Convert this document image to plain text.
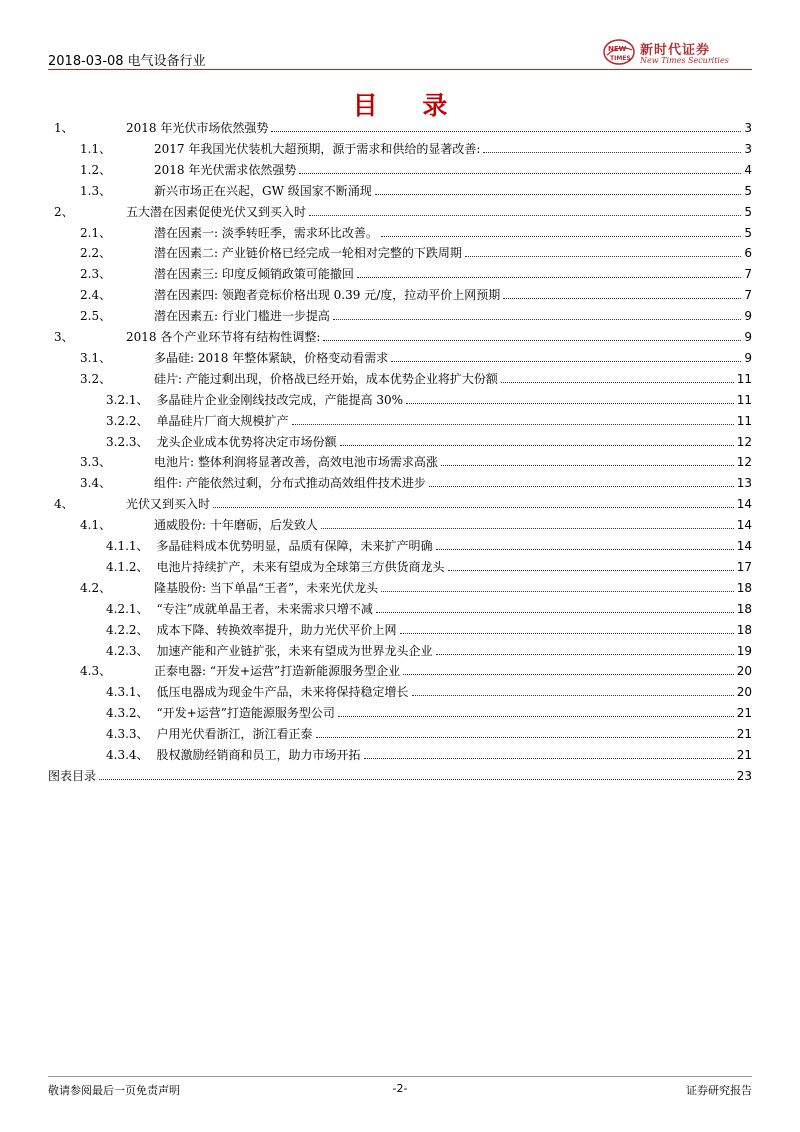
2018-03-08 电气设备行业
NEW
TIMES
新时代证券
New Times Securities
目 录
1、	2018 年光伏市场依然强势	3
1.1、	2017 年我国光伏装机大超预期，源于需求和供给的显著改善:	3
1.2、	2018 年光伏需求依然强势	4
1.3、	新兴市场正在兴起，GW 级国家不断涌现	5
2、	五大潜在因素促使光伏又到买入时	5
2.1、	潜在因素一: 淡季转旺季，需求环比改善。	5
2.2、	潜在因素二: 产业链价格已经完成一轮相对完整的下跌周期	6
2.3、	潜在因素三: 印度反倾销政策可能撤回	7
2.4、	潜在因素四: 领跑者竞标价格出现 0.39 元/度，拉动平价上网预期	7
2.5、	潜在因素五: 行业门槛进一步提高	9
3、	2018 各个产业环节将有结构性调整:	9
3.1、	多晶硅: 2018 年整体紧缺，价格变动看需求	9
3.2、	硅片: 产能过剩出现，价格战已经开始，成本优势企业将扩大份额	11
3.2.1、 多晶硅片企业金刚线技改完成，产能提高 30%	11
3.2.2、 单晶硅片厂商大规模扩产	11
3.2.3、 龙头企业成本优势将决定市场份额	12
3.3、	电池片: 整体利润将显著改善，高效电池市场需求高涨	12
3.4、	组件: 产能依然过剩，分布式推动高效组件技术进步	13
4、	光伏又到买入时	14
4.1、	通威股份: 十年磨砺，后发致人	14
4.1.1、 多晶硅料成本优势明显，品质有保障，未来扩产明确	14
4.1.2、 电池片持续扩产，未来有望成为全球第三方供货商龙头	17
4.2、	隆基股份: 当下单晶“王者”，未来光伏龙头	18
4.2.1、 “专注”成就单晶王者，未来需求只增不减	18
4.2.2、 成本下降、转换效率提升，助力光伏平价上网	18
4.2.3、 加速产能和产业链扩张，未来有望成为世界龙头企业	19
4.3、	正泰电器: “开发+运营”打造新能源服务型企业	20
4.3.1、 低压电器成为现金牛产品，未来将保持稳定增长	20
4.3.2、 “开发+运营”打造能源服务型公司	21
4.3.3、 户用光伏看浙江，浙江看正泰	21
4.3.4、 股权激励经销商和员工，助力市场开拓	21
图表目录	23
敬请参阅最后一页免责声明	-2-	证券研究报告
